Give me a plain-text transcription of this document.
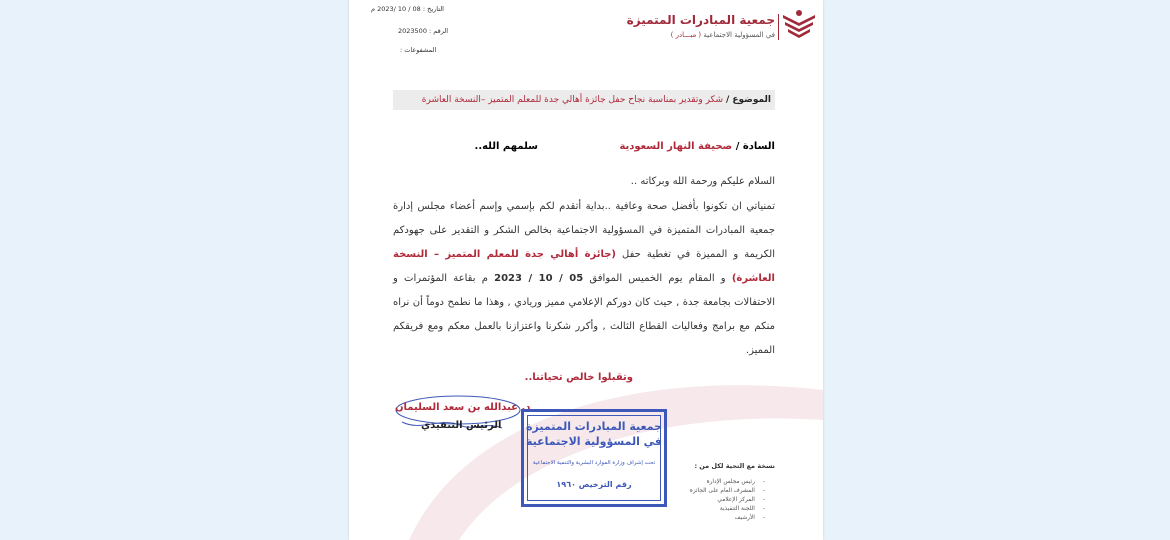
التاريخ : 08 / 10 /2023 م
الرقم : 2023500
المشفوعات :
جمعية المبادرات المتميزة
في المسؤولية الاجتماعية ( مبـــادر )
الموضوع / شكر وتقدير بمناسبة نجاح حفل جائزة أهالي جدة للمعلم المتميز –النسخة العاشرة
السادة / صحيفة النهار السعودية
سلمهم الله..
السلام عليكم ورحمة الله وبركاته ..
تمنياتي ان تكونوا بأفضل صحة وعافية ..بداية أتقدم لكم بإسمي وإسم أعضاء مجلس إدارة جمعية المبادرات المتميزة في المسؤولية الاجتماعية بخالص الشكر و التقدير على جهودكم الكريمة و المميزة في تغطية حفل (جائزة أهالي جدة للمعلم المتميز – النسخة العاشرة) و المقام يوم الخميس الموافق 05 / 10 / 2023 م بقاعة المؤتمرات و الاحتفالات بجامعة جدة , حيث كان دوركم الإعلامي مميز وريادي , وهذا ما نطمح دوماً أن نراه منكم مع برامج وفعاليات القطاع الثالث , وأكرر شكرنا واعتزازنا بالعمل معكم ومع فريقكم المميز.
وتقبلوا خالص تحياتنا..
د. عبدالله بن سعد السليمان
الرئيس التنفيذي جمعية المبادرات المتميزة
في المسؤولية الاجتماعية
تحت إشراف وزارة الموارد البشرية والتنمية الاجتماعية
رقم الترخيص ١٩٦٠
نسخة مع التحية لكل من :
- رئيس مجلس الإدارة
- المشرف العام على الجائزة
- المركز الإعلامي
- اللجنة التنفيذية
- الأرشيف
